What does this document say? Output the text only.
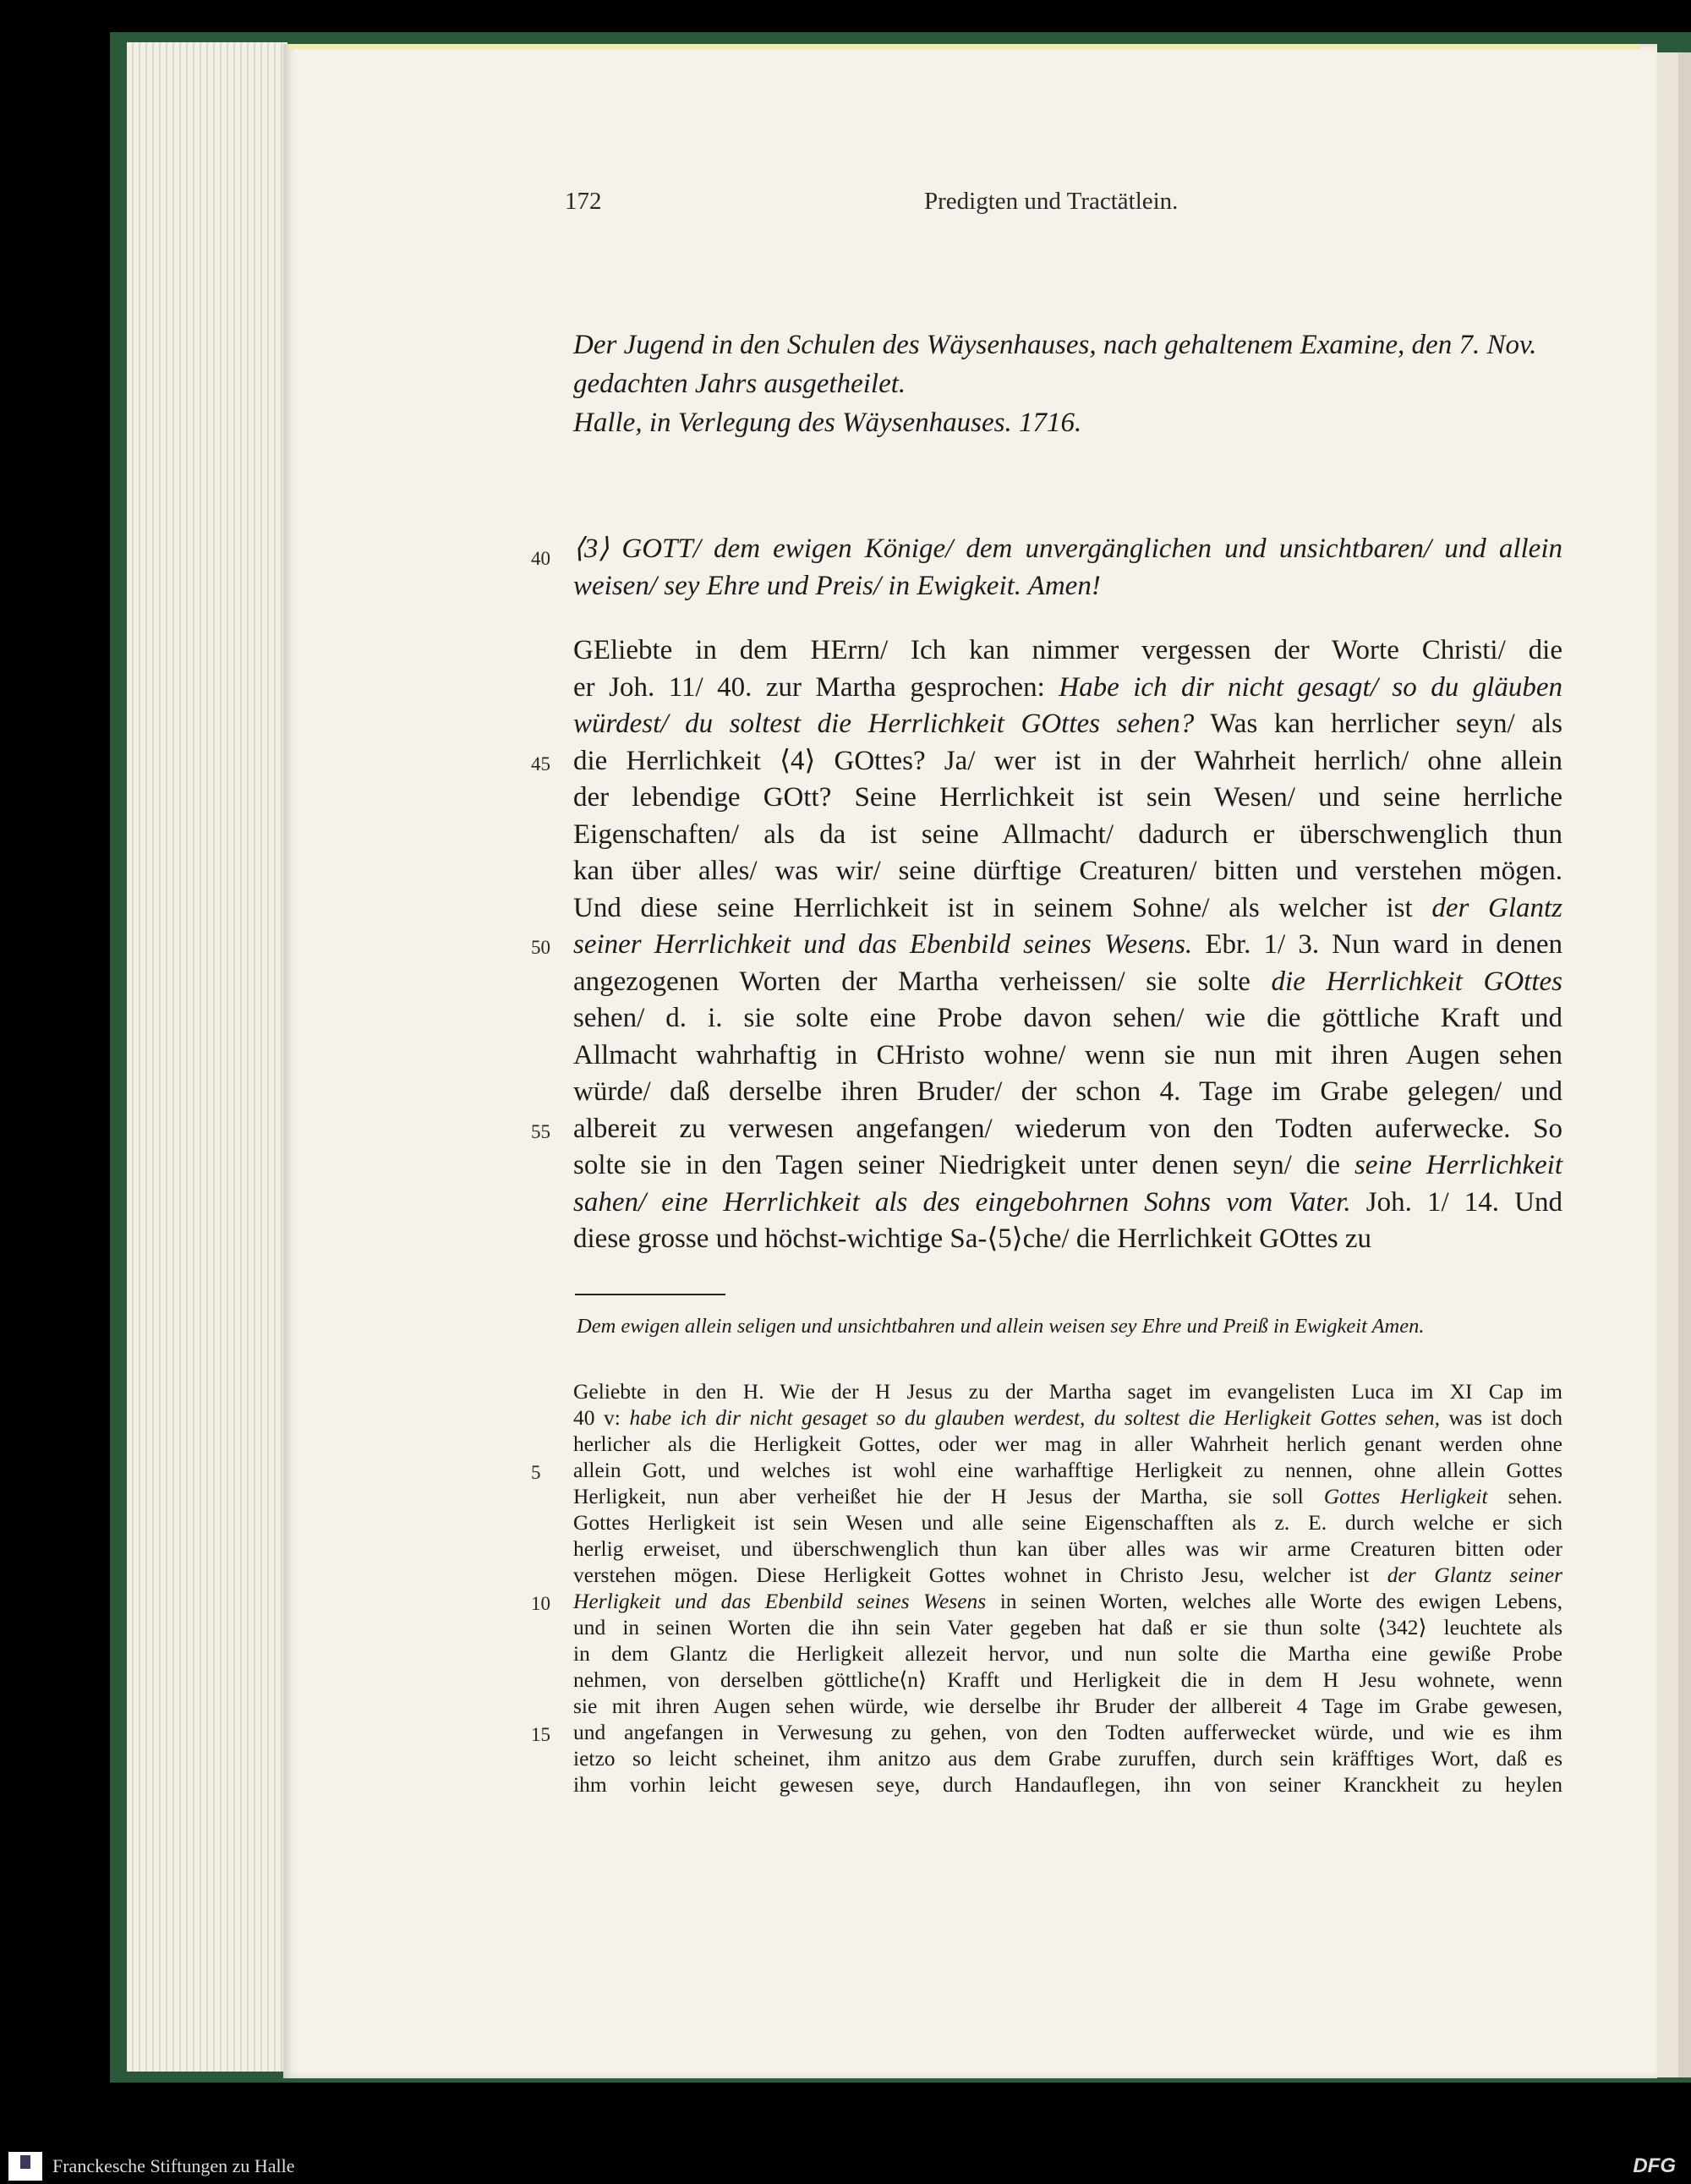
172	Predigten und Tractätlein.
Der Jugend in den Schulen des Wäysenhauses, nach gehaltenem Examine, den 7. Nov.
gedachten Jahrs ausgetheilet.
Halle, in Verlegung des Wäysenhauses. 1716.
40 ⟨3⟩ GOTT/ dem ewigen Könige/ dem unvergänglichen und unsichtbaren/ und allein
weisen/ sey Ehre und Preis/ in Ewigkeit. Amen!
GEliebte in dem HErrn/ Ich kan nimmer vergessen der Worte Christi/ die
er Joh. 11/ 40. zur Martha gesprochen: Habe ich dir nicht gesagt/ so du gläuben
würdest/ du soltest die Herrlichkeit GOttes sehen? Was kan herrlicher seyn/ als
die Herrlichkeit ⟨4⟩ GOttes? Ja/ wer ist in der Wahrheit herrlich/ ohne allein
der lebendige GOtt? Seine Herrlichkeit ist sein Wesen/ und seine herrliche
Eigenschaften/ als da ist seine Allmacht/ dadurch er überschwenglich thun
kan über alles/ was wir/ seine dürftige Creaturen/ bitten und verstehen mögen.
Und diese seine Herrlichkeit ist in seinem Sohne/ als welcher ist der Glantz
seiner Herrlichkeit und das Ebenbild seines Wesens. Ebr. 1/ 3. Nun ward in denen
angezogenen Worten der Martha verheissen/ sie solte die Herrlichkeit GOttes
sehen/ d. i. sie solte eine Probe davon sehen/ wie die göttliche Kraft und
Allmacht wahrhaftig in CHristo wohne/ wenn sie nun mit ihren Augen sehen
würde/ daß derselbe ihren Bruder/ der schon 4. Tage im Grabe gelegen/ und
albereit zu verwesen angefangen/ wiederum von den Todten auferwecke. So
solte sie in den Tagen seiner Niedrigkeit unter denen seyn/ die seine Herrlichkeit
sahen/ eine Herrlichkeit als des eingebohrnen Sohns vom Vater. Joh. 1/ 14. Und
diese grosse und höchst-wichtige Sa-⟨5⟩che/ die Herrlichkeit GOttes zu
Dem ewigen allein seligen und unsichtbahren und allein weisen sey Ehre und Preiß in Ewigkeit Amen.
Geliebte in den H. Wie der H Jesus zu der Martha saget im evangelisten Luca im XI Cap im
40 v: habe ich dir nicht gesaget so du glauben werdest, du soltest die Herligkeit Gottes sehen, was ist doch
herlicher als die Herligkeit Gottes, oder wer mag in aller Wahrheit herlich genant werden ohne
allein Gott, und welches ist wohl eine warhafftige Herligkeit zu nennen, ohne allein Gottes
Herligkeit, nun aber verheißet hie der H Jesus der Martha, sie soll Gottes Herligkeit sehen.
Gottes Herligkeit ist sein Wesen und alle seine Eigenschafften als z. E. durch welche er sich
herlig erweiset, und überschwenglich thun kan über alles was wir arme Creaturen bitten oder
verstehen mögen. Diese Herligkeit Gottes wohnet in Christo Jesu, welcher ist der Glantz seiner
Herligkeit und das Ebenbild seines Wesens in seinen Worten, welches alle Worte des ewigen Lebens,
und in seinen Worten die ihn sein Vater gegeben hat daß er sie thun solte ⟨342⟩ leuchtete als
in dem Glantz die Herligkeit allezeit hervor, und nun solte die Martha eine gewiße Probe
nehmen, von derselben göttliche⟨n⟩ Krafft und Herligkeit die in dem H Jesu wohnete, wenn
sie mit ihren Augen sehen würde, wie derselbe ihr Bruder der allbereit 4 Tage im Grabe gewesen,
und angefangen in Verwesung zu gehen, von den Todten aufferwecket würde, und wie es ihm
ietzo so leicht scheinet, ihm anitzo aus dem Grabe zuruffen, durch sein kräfftiges Wort, daß es
ihm vorhin leicht gewesen seye, durch Handauflegen, ihn von seiner Kranckheit zu heylen
Franckesche Stiftungen zu Halle	DFG
45
50
55
5
10
15
